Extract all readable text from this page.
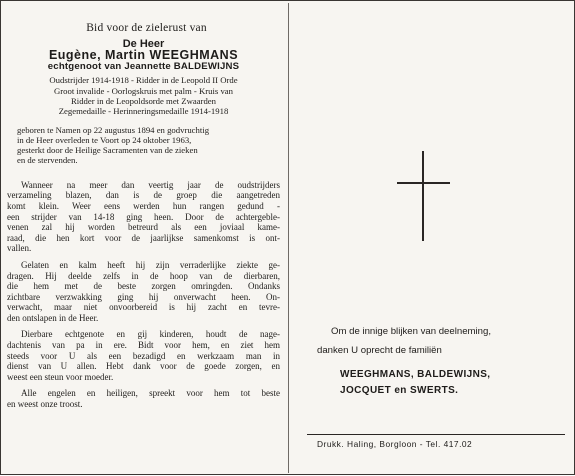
Bid voor de zielerust van
De Heer
Eugène, Martin WEEGHMANS
echtgenoot van Jeannette BALDEWIJNS
Oudstrijder 1914-1918 - Ridder in de Leopold II Orde
Groot invalide - Oorlogskruis met palm - Kruis van
Ridder in de Leopoldsorde met Zwaarden
Zegemedaille - Herinneringsmedaille 1914-1918
geboren te Namen op 22 augustus 1894 en godvruchtig
in de Heer overleden te Voort op 24 oktober 1963,
gesterkt door de Heilige Sacramenten van de zieken
en de stervenden.
Wanneer na meer dan veertig jaar de oudstrijders
verzameling blazen, dan is de groep die aangetreden
komt klein. Weer eens werden hun rangen gedund -
een strijder van 14-18 ging heen. Door de achtergeble-
venen zal hij worden betreurd als een joviaal kame-
raad, die hen kort voor de jaarlijkse samenkomst is ont-
vallen.
Gelaten en kalm heeft hij zijn verraderlijke ziekte ge-
dragen. Hij deelde zelfs in de hoop van de dierbaren,
die hem met de beste zorgen omringden. Ondanks
zichtbare verzwakking ging hij onverwacht heen. On-
verwacht, maar niet onvoorbereid is hij zacht en tevre-
den ontslapen in de Heer.
Dierbare echtgenote en gij kinderen, houdt de nage-
dachtenis van pa in ere. Bidt voor hem, en ziet hem
steeds voor U als een bezadigd en werkzaam man in
dienst van U allen. Hebt dank voor de goede zorgen, en
weest een steun voor moeder.
Alle engelen en heiligen, spreekt voor hem tot beste
en weest onze troost.
Om de innige blijken van deelneming,
danken U oprecht de familiën
WEEGHMANS, BALDEWIJNS,
JOCQUET en SWERTS.
Drukk. Haling, Borgloon - Tel. 417.02
